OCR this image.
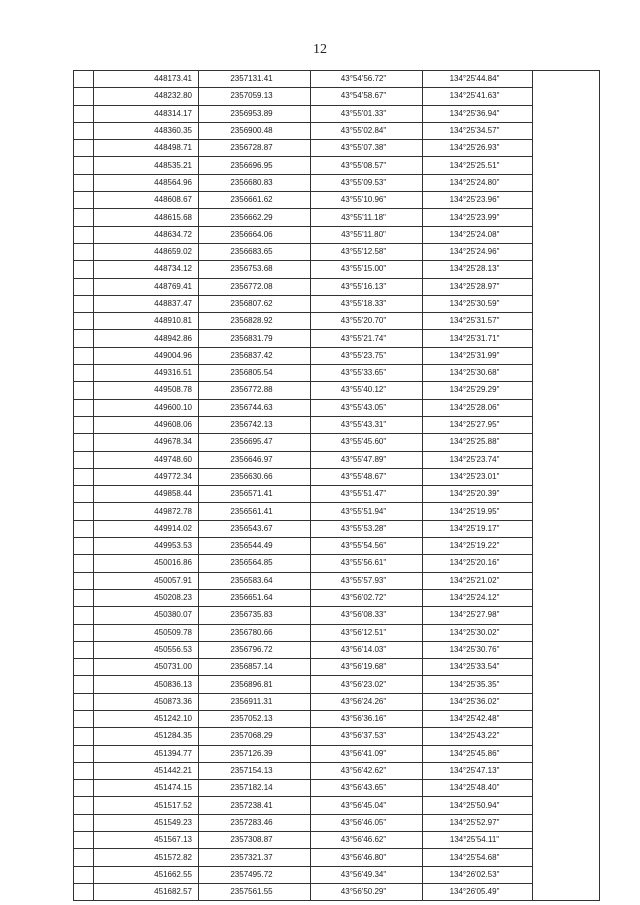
12
	448173.41	2357131.41	43°54'56.72"	134°25'44.84"	
	448232.80	2357059.13	43°54'58.67"	134°25'41.63"	
	448314.17	2356953.89	43°55'01.33"	134°25'36.94"	
	448360.35	2356900.48	43°55'02.84"	134°25'34.57"	
	448498.71	2356728.87	43°55'07.38"	134°25'26.93"	
	448535.21	2356696.95	43°55'08.57"	134°25'25.51"	
	448564.96	2356680.83	43°55'09.53"	134°25'24.80"	
	448608.67	2356661.62	43°55'10.96"	134°25'23.96"	
	448615.68	2356662.29	43°55'11.18"	134°25'23.99"	
	448634.72	2356664.06	43°55'11.80"	134°25'24.08"	
	448659.02	2356683.65	43°55'12.58"	134°25'24.96"	
	448734.12	2356753.68	43°55'15.00"	134°25'28.13"	
	448769.41	2356772.08	43°55'16.13"	134°25'28.97"	
	448837.47	2356807.62	43°55'18.33"	134°25'30.59"	
	448910.81	2356828.92	43°55'20.70"	134°25'31.57"	
	448942.86	2356831.79	43°55'21.74"	134°25'31.71"	
	449004.96	2356837.42	43°55'23.75"	134°25'31.99"	
	449316.51	2356805.54	43°55'33.65"	134°25'30.68"	
	449508.78	2356772.88	43°55'40.12"	134°25'29.29"	
	449600.10	2356744.63	43°55'43.05"	134°25'28.06"	
	449608.06	2356742.13	43°55'43.31"	134°25'27.95"	
	449678.34	2356695.47	43°55'45.60"	134°25'25.88"	
	449748.60	2356646.97	43°55'47.89"	134°25'23.74"	
	449772.34	2356630.66	43°55'48.67"	134°25'23.01"	
	449858.44	2356571.41	43°55'51.47"	134°25'20.39"	
	449872.78	2356561.41	43°55'51.94"	134°25'19.95"	
	449914.02	2356543.67	43°55'53.28"	134°25'19.17"	
	449953.53	2356544.49	43°55'54.56"	134°25'19.22"	
	450016.86	2356564.85	43°55'56.61"	134°25'20.16"	
	450057.91	2356583.64	43°55'57.93"	134°25'21.02"	
	450208.23	2356651.64	43°56'02.72"	134°25'24.12"	
	450380.07	2356735.83	43°56'08.33"	134°25'27.98"	
	450509.78	2356780.66	43°56'12.51"	134°25'30.02"	
	450556.53	2356796.72	43°56'14.03"	134°25'30.76"	
	450731.00	2356857.14	43°56'19.68"	134°25'33.54"	
	450836.13	2356896.81	43°56'23.02"	134°25'35.35"	
	450873.36	2356911.31	43°56'24.26"	134°25'36.02"	
	451242.10	2357052.13	43°56'36.16"	134°25'42.48"	
	451284.35	2357068.29	43°56'37.53"	134°25'43.22"	
	451394.77	2357126.39	43°56'41.09"	134°25'45.86"	
	451442.21	2357154.13	43°56'42.62"	134°25'47.13"	
	451474.15	2357182.14	43°56'43.65"	134°25'48.40"	
	451517.52	2357238.41	43°56'45.04"	134°25'50.94"	
	451549.23	2357283.46	43°56'46.05"	134°25'52.97"	
	451567.13	2357308.87	43°56'46.62"	134°25'54.11"	
	451572.82	2357321.37	43°56'46.80"	134°25'54.68"	
	451662.55	2357495.72	43°56'49.34"	134°26'02.53"	
	451682.57	2357561.55	43°56'50.29"	134°26'05.49"	
